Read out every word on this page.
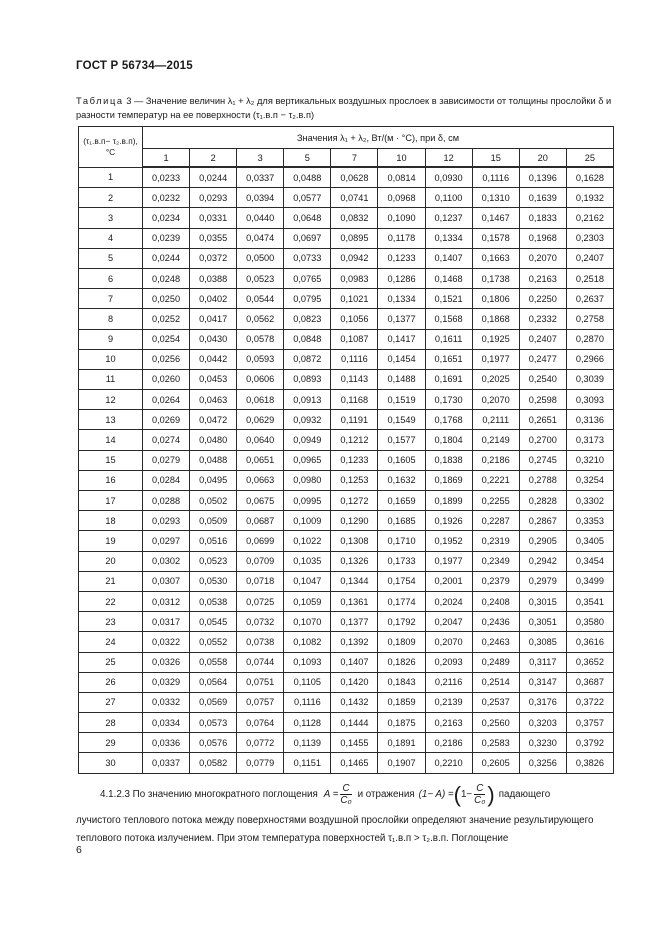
ГОСТ Р 56734—2015
Таблица 3 — Значение величин λ₁ + λ₂ для вертикальных воздушных прослоек в зависимости от толщины прослойки δ и разности температур на ее поверхности (τ₁.в.п − τ₂.в.п)
(τ₁.в.п− τ₂.в.п),
°C	Значения λ₁ + λ₂, Вт/(м · °С), при δ, см									
	1	2	3	5	7	10	12	15	20	25
1	0,0233	0,0244	0,0337	0,0488	0,0628	0,0814	0,0930	0,1116	0,1396	0,1628
2	0,0232	0,0293	0,0394	0,0577	0,0741	0,0968	0,1100	0,1310	0,1639	0,1932
3	0,0234	0,0331	0,0440	0,0648	0,0832	0,1090	0,1237	0,1467	0,1833	0,2162
4	0,0239	0,0355	0,0474	0,0697	0,0895	0,1178	0,1334	0,1578	0,1968	0,2303
5	0,0244	0,0372	0,0500	0,0733	0,0942	0,1233	0,1407	0,1663	0,2070	0,2407
6	0,0248	0,0388	0,0523	0,0765	0,0983	0,1286	0,1468	0,1738	0,2163	0,2518
7	0,0250	0,0402	0,0544	0,0795	0,1021	0,1334	0,1521	0,1806	0,2250	0,2637
8	0,0252	0,0417	0,0562	0,0823	0,1056	0,1377	0,1568	0,1868	0,2332	0,2758
9	0,0254	0,0430	0,0578	0,0848	0,1087	0,1417	0,1611	0,1925	0,2407	0,2870
10	0,0256	0,0442	0,0593	0,0872	0,1116	0,1454	0,1651	0,1977	0,2477	0,2966
11	0,0260	0,0453	0,0606	0,0893	0,1143	0,1488	0,1691	0,2025	0,2540	0,3039
12	0,0264	0,0463	0,0618	0,0913	0,1168	0,1519	0,1730	0,2070	0,2598	0,3093
13	0,0269	0,0472	0,0629	0,0932	0,1191	0,1549	0,1768	0,2111	0,2651	0,3136
14	0,0274	0,0480	0,0640	0,0949	0,1212	0,1577	0,1804	0,2149	0,2700	0,3173
15	0,0279	0,0488	0,0651	0,0965	0,1233	0,1605	0,1838	0,2186	0,2745	0,3210
16	0,0284	0,0495	0,0663	0,0980	0,1253	0,1632	0,1869	0,2221	0,2788	0,3254
17	0,0288	0,0502	0,0675	0,0995	0,1272	0,1659	0,1899	0,2255	0,2828	0,3302
18	0,0293	0,0509	0,0687	0,1009	0,1290	0,1685	0,1926	0,2287	0,2867	0,3353
19	0,0297	0,0516	0,0699	0,1022	0,1308	0,1710	0,1952	0,2319	0,2905	0,3405
20	0,0302	0,0523	0,0709	0,1035	0,1326	0,1733	0,1977	0,2349	0,2942	0,3454
21	0,0307	0,0530	0,0718	0,1047	0,1344	0,1754	0,2001	0,2379	0,2979	0,3499
22	0,0312	0,0538	0,0725	0,1059	0,1361	0,1774	0,2024	0,2408	0,3015	0,3541
23	0,0317	0,0545	0,0732	0,1070	0,1377	0,1792	0,2047	0,2436	0,3051	0,3580
24	0,0322	0,0552	0,0738	0,1082	0,1392	0,1809	0,2070	0,2463	0,3085	0,3616
25	0,0326	0,0558	0,0744	0,1093	0,1407	0,1826	0,2093	0,2489	0,3117	0,3652
26	0,0329	0,0564	0,0751	0,1105	0,1420	0,1843	0,2116	0,2514	0,3147	0,3687
27	0,0332	0,0569	0,0757	0,1116	0,1432	0,1859	0,2139	0,2537	0,3176	0,3722
28	0,0334	0,0573	0,0764	0,1128	0,1444	0,1875	0,2163	0,2560	0,3203	0,3757
29	0,0336	0,0576	0,0772	0,1139	0,1455	0,1891	0,2186	0,2583	0,3230	0,3792
30	0,0337	0,0582	0,0779	0,1151	0,1465	0,1907	0,2210	0,2605	0,3256	0,3826
4.1.2.3 По значению многократного поглощения $A = \frac{C}{\text{C₀}}$ и отражения (1− A) = ( $1- \frac{C}{\text{C₀}}$ ) падающего
лучистого теплового потока между поверхностями воздушной прослойки определяют значение результирующего теплового потока излучением. При этом температура поверхностей τ₁.в.п > τ₂.в.п. Поглощение
6
